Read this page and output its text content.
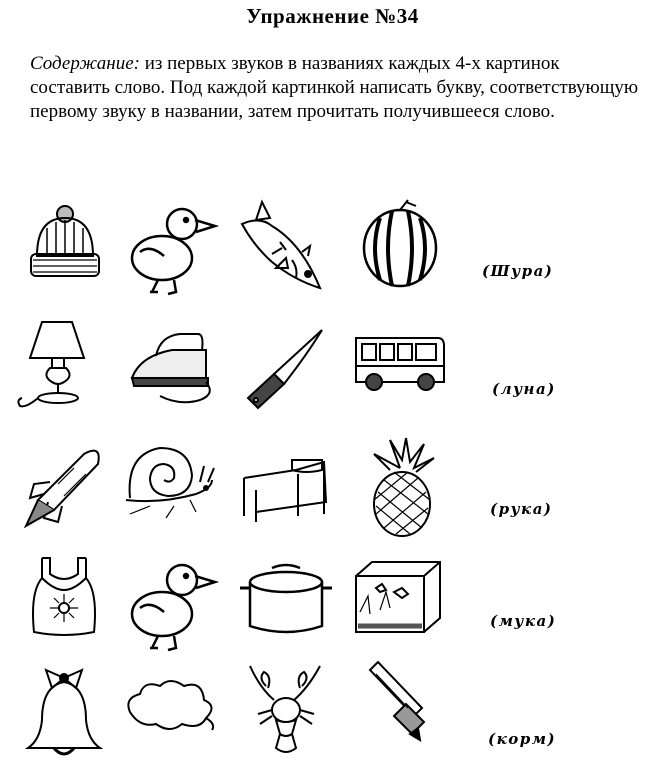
Упражнение №34
Содержание: из первых звуков в названиях каждых 4-х картинок составить слово. Под каждой картинкой написать букву, соответствующую первому звуку в названии, затем прочитать получившееся слово.
(Шура)
(луна)
(рука)
(мука)
(корм)
